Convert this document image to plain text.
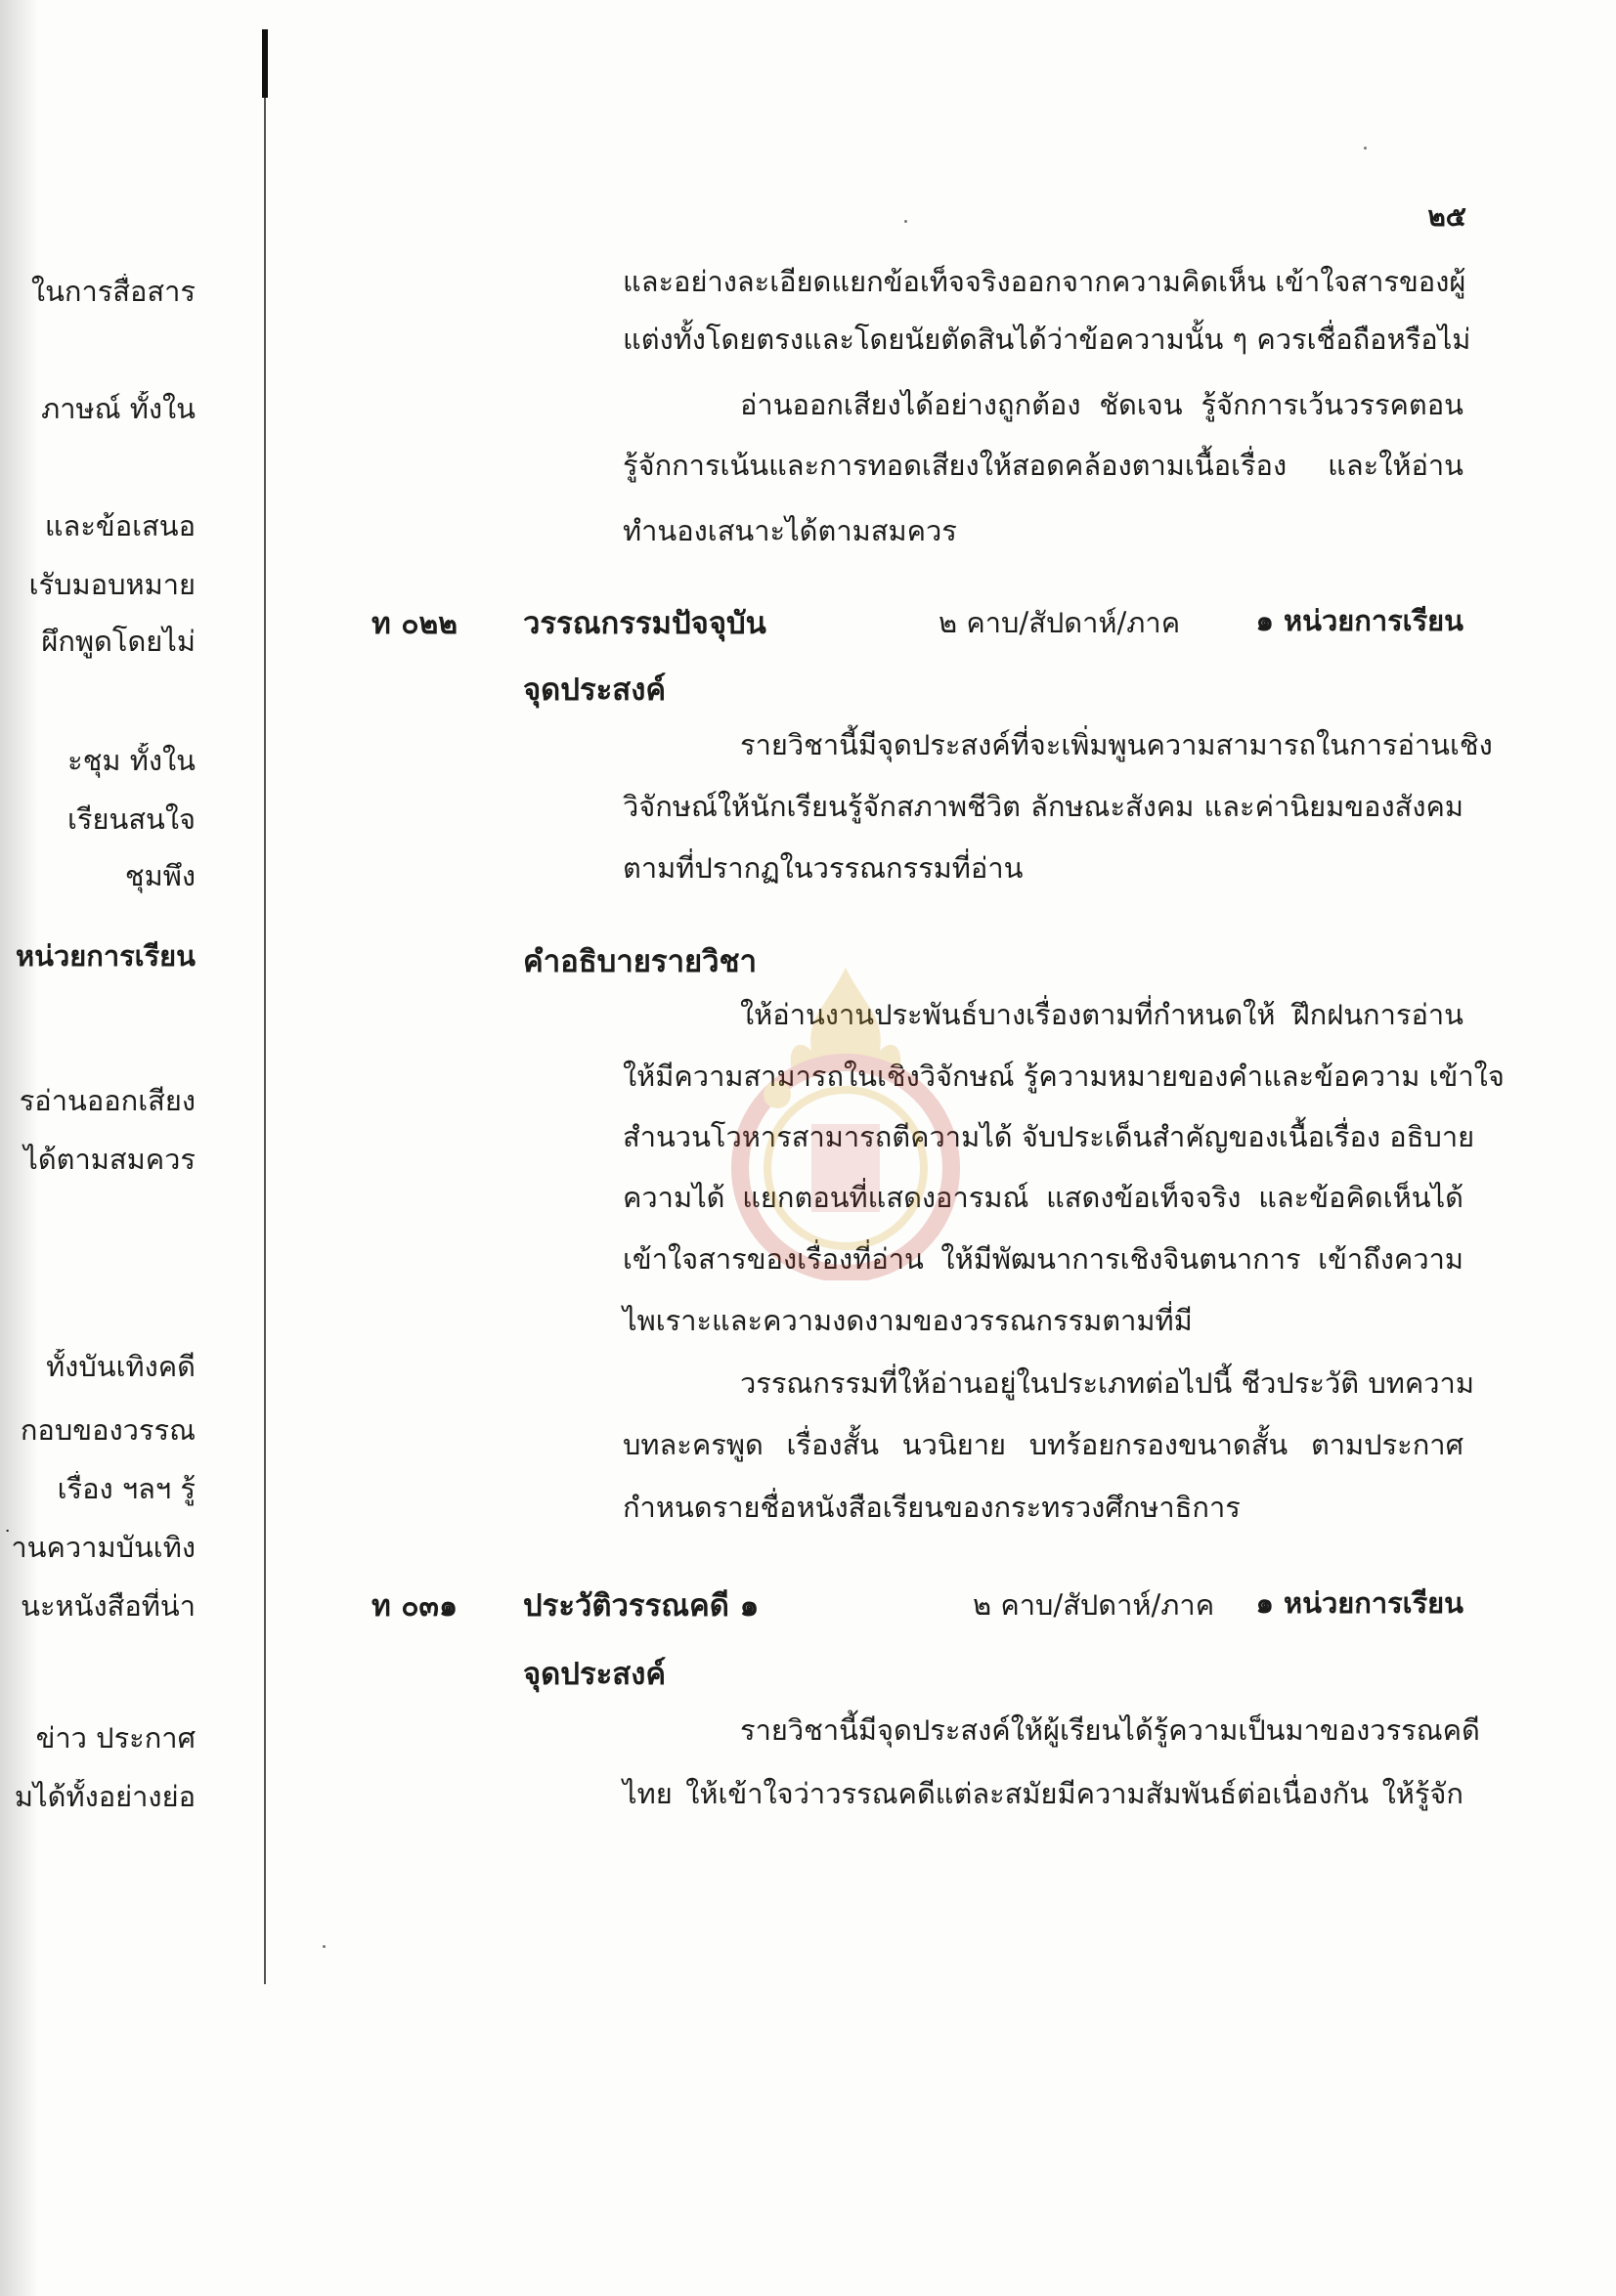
ในการสื่อสาร
ภาษณ์ ทั้งใน
และข้อเสนอ
เรับมอบหมาย
ผึกพูดโดยไม่
ะชุม ทั้งใน
เรียนสนใจ
ชุมพึง
หน่วยการเรียน
รอ่านออกเสียง
ได้ตามสมควร
ทั้งบันเทิงคดี
กอบของวรรณ
เรื่อง ฯลฯ รู้
่านความบันเทิง
นะหนังสือที่น่า
ข่าว ประกาศ
มได้ทั้งอย่างย่อ
๒๕
และอย่างละเอียดแยกข้อเท็จจริงออกจากความคิดเห็น เข้าใจสารของผู้
แต่งทั้งโดยตรงและโดยนัยตัดสินได้ว่าข้อความนั้น ๆ ควรเชื่อถือหรือไม่
อ่านออกเสียงได้อย่างถูกต้อง ชัดเจน รู้จักการเว้นวรรคตอน
รู้จักการเน้นและการทอดเสียงให้สอดคล้องตามเนื้อเรื่อง และให้อ่าน
ทำนองเสนาะได้ตามสมควร
ท ๐๒๒	วรรณกรรมปัจจุบัน	๒ คาบ/สัปดาห์/ภาค	๑ หน่วยการเรียน
จุดประสงค์
รายวิชานี้มีจุดประสงค์ที่จะเพิ่มพูนความสามารถในการอ่านเชิง
วิจักษณ์ให้นักเรียนรู้จักสภาพชีวิต ลักษณะสังคม และค่านิยมของสังคม
ตามที่ปรากฏในวรรณกรรมที่อ่าน
คำอธิบายรายวิชา
ให้อ่านงานประพันธ์บางเรื่องตามที่กำหนดให้ ฝึกฝนการอ่าน
ให้มีความสามารถในเชิงวิจักษณ์ รู้ความหมายของคำและข้อความ เข้าใจ
สำนวนโวหารสามารถตีความได้ จับประเด็นสำคัญของเนื้อเรื่อง อธิบาย
ความได้ แยกตอนที่แสดงอารมณ์ แสดงข้อเท็จจริง และข้อคิดเห็นได้
เข้าใจสารของเรื่องที่อ่าน ให้มีพัฒนาการเชิงจินตนาการ เข้าถึงความ
ไพเราะและความงดงามของวรรณกรรมตามที่มี
วรรณกรรมที่ให้อ่านอยู่ในประเภทต่อไปนี้ ชีวประวัติ บทความ
บทละครพูด เรื่องสั้น นวนิยาย บทร้อยกรองขนาดสั้น ตามประกาศ
กำหนดรายชื่อหนังสือเรียนของกระทรวงศึกษาธิการ
ท ๐๓๑	ประวัติวรรณคดี ๑	๒ คาบ/สัปดาห์/ภาค	๑ หน่วยการเรียน
จุดประสงค์
รายวิชานี้มีจุดประสงค์ให้ผู้เรียนได้รู้ความเป็นมาของวรรณคดี
ไทย ให้เข้าใจว่าวรรณคดีแต่ละสมัยมีความสัมพันธ์ต่อเนื่องกัน ให้รู้จัก
